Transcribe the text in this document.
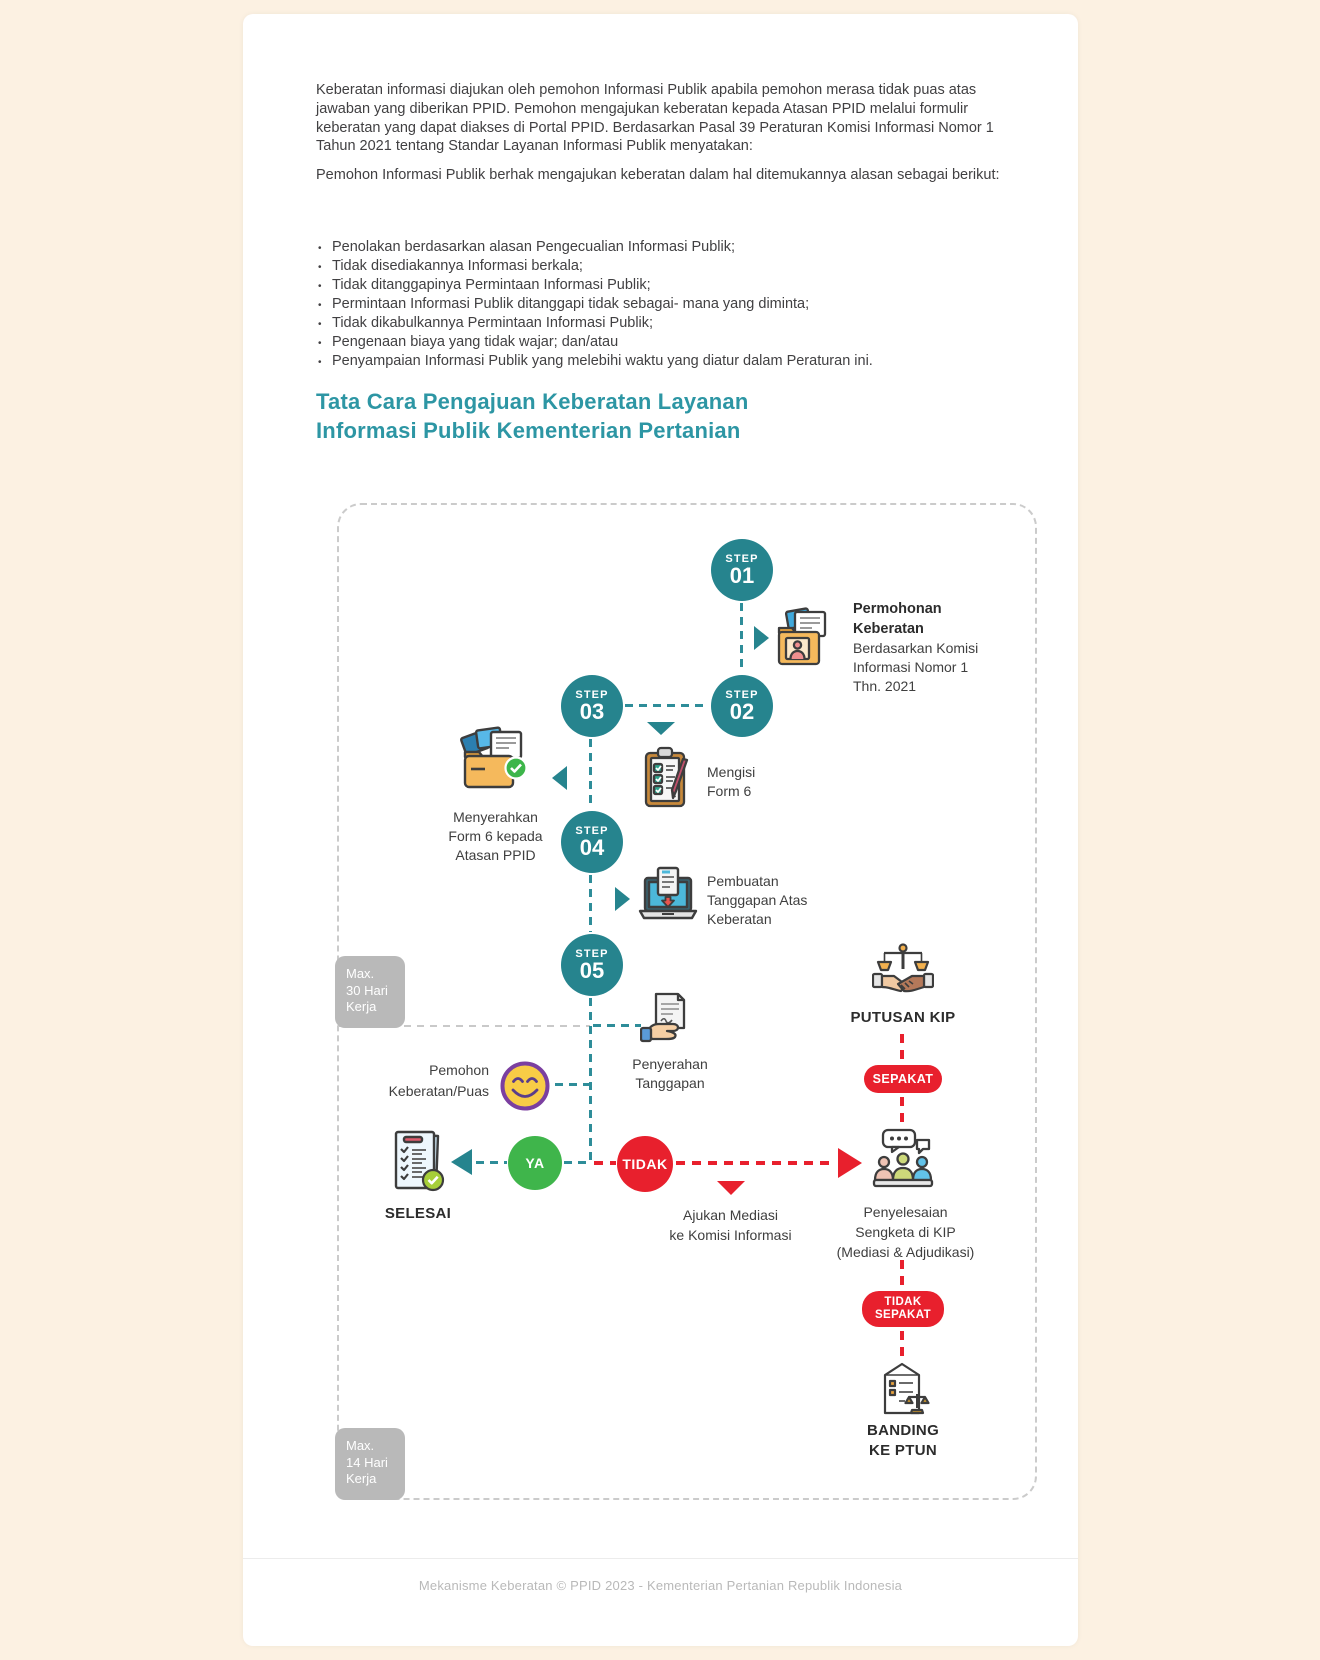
Keberatan informasi diajukan oleh pemohon Informasi Publik apabila pemohon merasa tidak puas atas jawaban yang diberikan PPID. Pemohon mengajukan keberatan kepada Atasan PPID melalui formulir keberatan yang dapat diakses di Portal PPID. Berdasarkan Pasal 39 Peraturan Komisi Informasi Nomor 1 Tahun 2021 tentang Standar Layanan Informasi Publik menyatakan:

Pemohon Informasi Publik berhak mengajukan keberatan dalam hal ditemukannya alasan sebagai berikut:

• Penolakan berdasarkan alasan Pengecualian Informasi Publik;
• Tidak disediakannya Informasi berkala;
• Tidak ditanggapinya Permintaan Informasi Publik;
• Permintaan Informasi Publik ditanggapi tidak sebagai- mana yang diminta;
• Tidak dikabulkannya Permintaan Informasi Publik;
• Pengenaan biaya yang tidak wajar; dan/atau
• Penyampaian Informasi Publik yang melebihi waktu yang diatur dalam Peraturan ini.
Tata Cara Pengajuan Keberatan Layanan
Informasi Publik Kementerian Pertanian
Max.
30 Hari
Kerja
Max.
14 Hari
Kerja
STEP
01
STEP
02
STEP
03
STEP
04
STEP
05
Permohonan
Keberatan
Berdasarkan Komisi
Informasi Nomor 1
Thn. 2021
Mengisi
Form 6
Menyerahkan
Form 6 kepada
Atasan PPID
Pembuatan
Tanggapan Atas
Keberatan
Penyerahan
Tanggapan
Pemohon
Keberatan/Puas
SELESAI
YA	TIDAK
Ajukan Mediasi
ke Komisi Informasi
PUTUSAN KIP
SEPAKAT
Penyelesaian
Sengketa di KIP
(Mediasi & Adjudikasi)
TIDAK
SEPAKAT
BANDING
KE PTUN
Mekanisme Keberatan © PPID 2023 - Kementerian Pertanian Republik Indonesia
